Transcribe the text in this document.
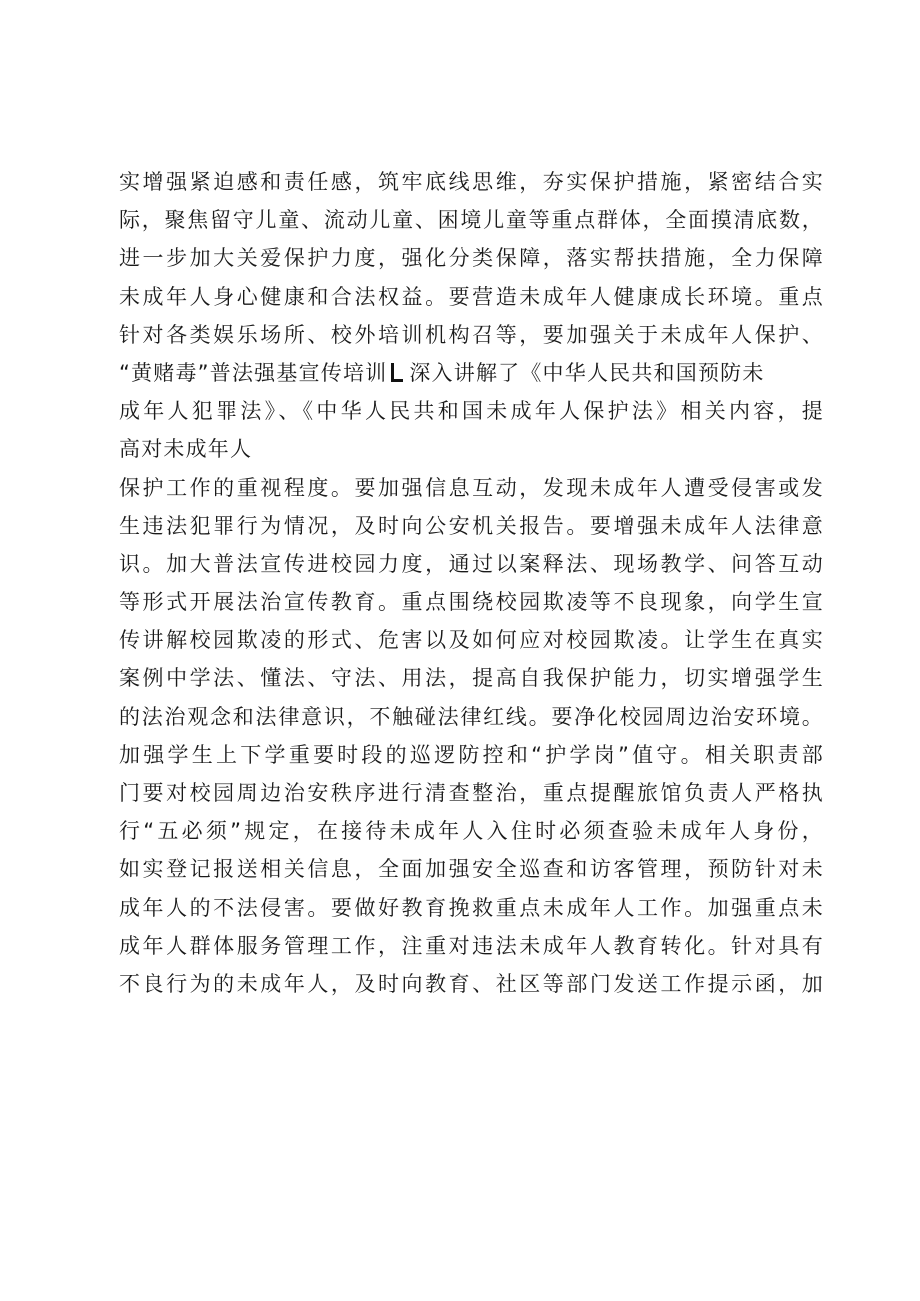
实增强紧迫感和责任感，筑牢底线思维，夯实保护措施，紧密结合实
际，聚焦留守儿童、流动儿童、困境儿童等重点群体，全面摸清底数，
进一步加大关爱保护力度，强化分类保障，落实帮扶措施，全力保障
未成年人身心健康和合法权益。要营造未成年人健康成长环境。重点
针对各类娱乐场所、校外培训机构召等，要加强关于未成年人保护、
“黄赌毒”普法强基宣传培训 深入讲解了《中华人民共和国预防未
成年人犯罪法》、《中华人民共和国未成年人保护法》相关内容，提
高对未成年人
保护工作的重视程度。要加强信息互动，发现未成年人遭受侵害或发
生违法犯罪行为情况，及时向公安机关报告。要增强未成年人法律意
识。加大普法宣传进校园力度，通过以案释法、现场教学、问答互动
等形式开展法治宣传教育。重点围绕校园欺凌等不良现象，向学生宣
传讲解校园欺凌的形式、危害以及如何应对校园欺凌。让学生在真实
案例中学法、懂法、守法、用法，提高自我保护能力，切实增强学生
的法治观念和法律意识，不触碰法律红线。要净化校园周边治安环境。
加强学生上下学重要时段的巡逻防控和“护学岗”值守。相关职责部
门要对校园周边治安秩序进行清查整治，重点提醒旅馆负责人严格执
行“五必须”规定，在接待未成年人入住时必须查验未成年人身份，
如实登记报送相关信息，全面加强安全巡查和访客管理，预防针对未
成年人的不法侵害。要做好教育挽救重点未成年人工作。加强重点未
成年人群体服务管理工作，注重对违法未成年人教育转化。针对具有
不良行为的未成年人，及时向教育、社区等部门发送工作提示函，加
